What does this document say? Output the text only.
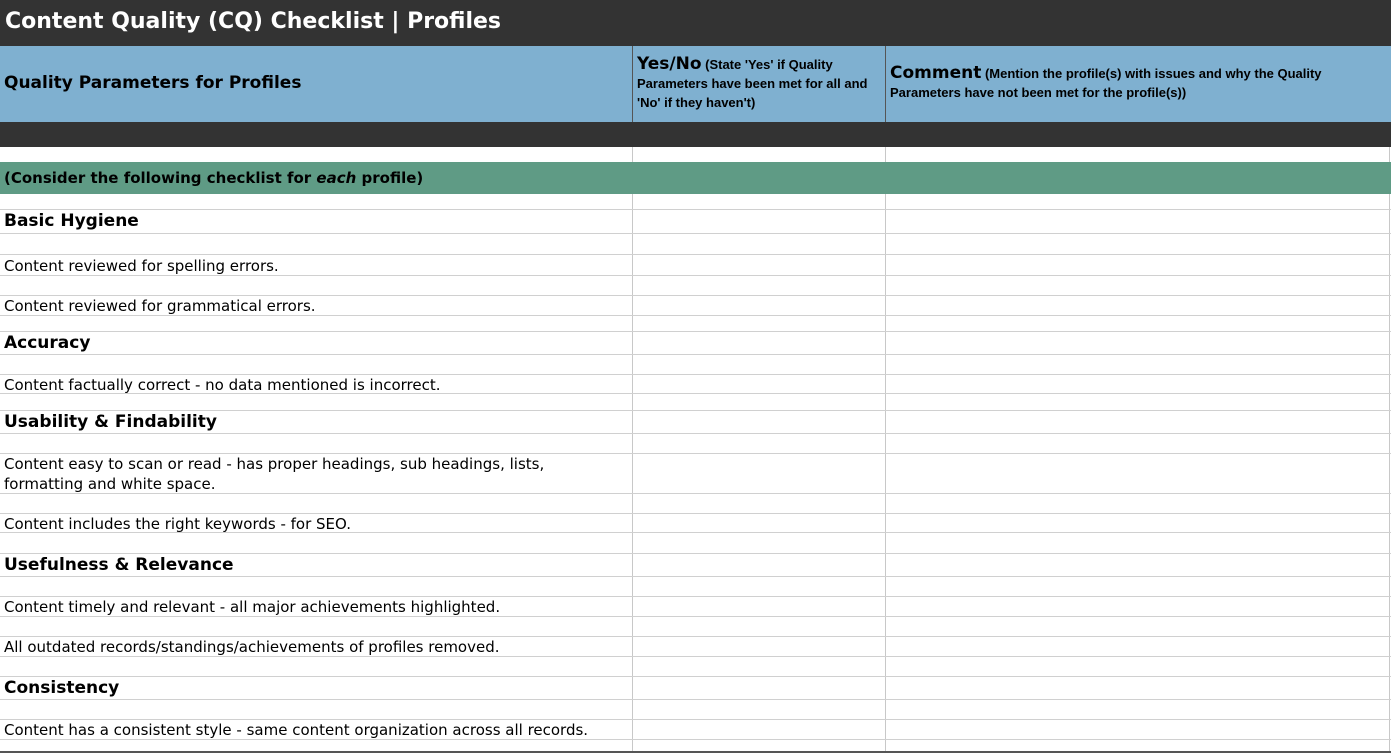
Content Quality (CQ) Checklist | Profiles
Quality Parameters for Profiles
Yes/No (State 'Yes' if Quality Parameters have been met for all and 'No' if they haven't)
Comment (Mention the profile(s) with issues and why the Quality Parameters have not been met for the profile(s))
(Consider the following checklist for each profile)
Basic Hygiene
Content reviewed for spelling errors.
Content reviewed for grammatical errors.
Accuracy
Content factually correct - no data mentioned is incorrect.
Usability & Findability
Content easy to scan or read - has proper headings, sub headings, lists,
formatting and white space.
Content includes the right keywords - for SEO.
Usefulness & Relevance
Content timely and relevant - all major achievements highlighted.
All outdated records/standings/achievements of profiles removed.
Consistency
Content has a consistent style - same content organization across all records.
